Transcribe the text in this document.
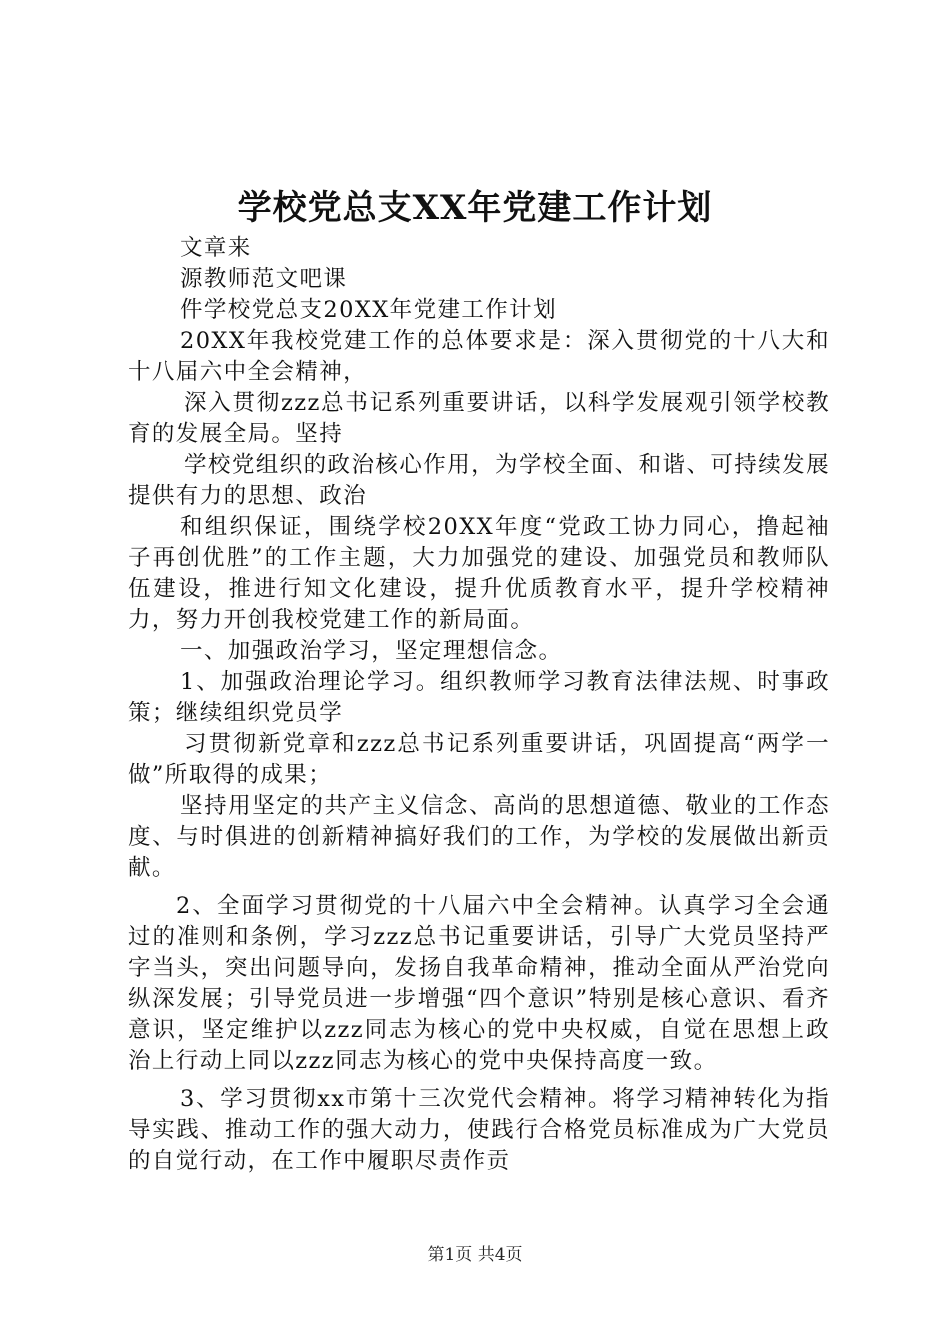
学校党总支XX年党建工作计划

文章来

源教师范文吧课

件学校党总支20XX年党建工作计划

20XX年我校党建工作的总体要求是：深入贯彻党的十八大和十八届六中全会精神，

深入贯彻zzz总书记系列重要讲话，以科学发展观引领学校教育的发展全局。坚持

学校党组织的政治核心作用，为学校全面、和谐、可持续发展提供有力的思想、政治

和组织保证，围绕学校20XX年度“党政工协力同心，撸起袖子再创优胜”的工作主题，大力加强党的建设、加强党员和教师队伍建设，推进行知文化建设，提升优质教育水平，提升学校精神力，努力开创我校党建工作的新局面。

一、加强政治学习，坚定理想信念。

1、加强政治理论学习。组织教师学习教育法律法规、时事政策；继续组织党员学

习贯彻新党章和zzz总书记系列重要讲话，巩固提高“两学一做”所取得的成果；

坚持用坚定的共产主义信念、高尚的思想道德、敬业的工作态度、与时俱进的创新精神搞好我们的工作，为学校的发展做出新贡献。

2、全面学习贯彻党的十八届六中全会精神。认真学习全会通过的准则和条例，学习zzz总书记重要讲话，引导广大党员坚持严字当头，突出问题导向，发扬自我革命精神，推动全面从严治党向纵深发展；引导党员进一步增强“四个意识”特别是核心意识、看齐意识，坚定维护以zzz同志为核心的党中央权威，自觉在思想上政治上行动上同以zzz同志为核心的党中央保持高度一致。

3、学习贯彻xx市第十三次党代会精神。将学习精神转化为指导实践、推动工作的强大动力，使践行合格党员标准成为广大党员的自觉行动，在工作中履职尽责作贡

第1页 共4页
